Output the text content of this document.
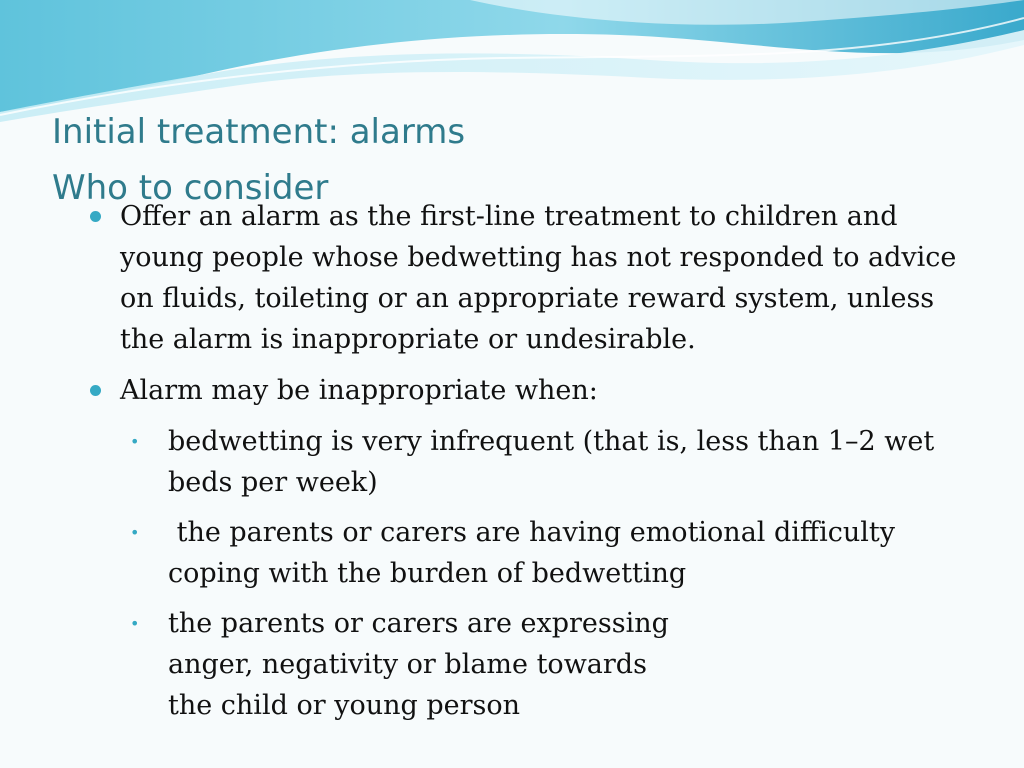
Initial treatment: alarms
Who to consider
Offer an alarm as the first-line treatment to children and young people whose bedwetting has not responded to advice on fluids, toileting or an appropriate reward system, unless the alarm is inappropriate or undesirable.
Alarm may be inappropriate when:
• bedwetting is very infrequent (that is, less than 1–2 wet beds per week)
• the parents or carers are having emotional difficulty coping with the burden of bedwetting
• the parents or carers are expressing
anger, negativity or blame towards
the child or young person
